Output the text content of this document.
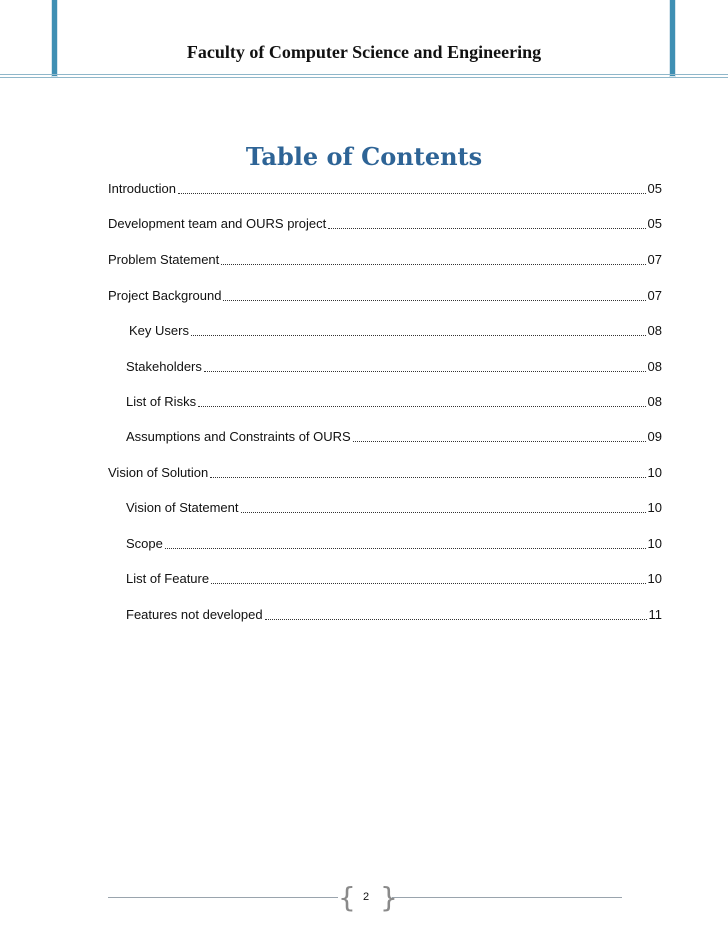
Faculty of Computer Science and Engineering
Table of Contents
Introduction	05
Development team and OURS project	05
Problem Statement	07
Project Background	07
Key Users	08
Stakeholders	08
List of Risks	08
Assumptions and Constraints of OURS	09
Vision of Solution	10
Vision of Statement	10
Scope	10
List of Feature	10
Features not developed	11
{ 2 }
